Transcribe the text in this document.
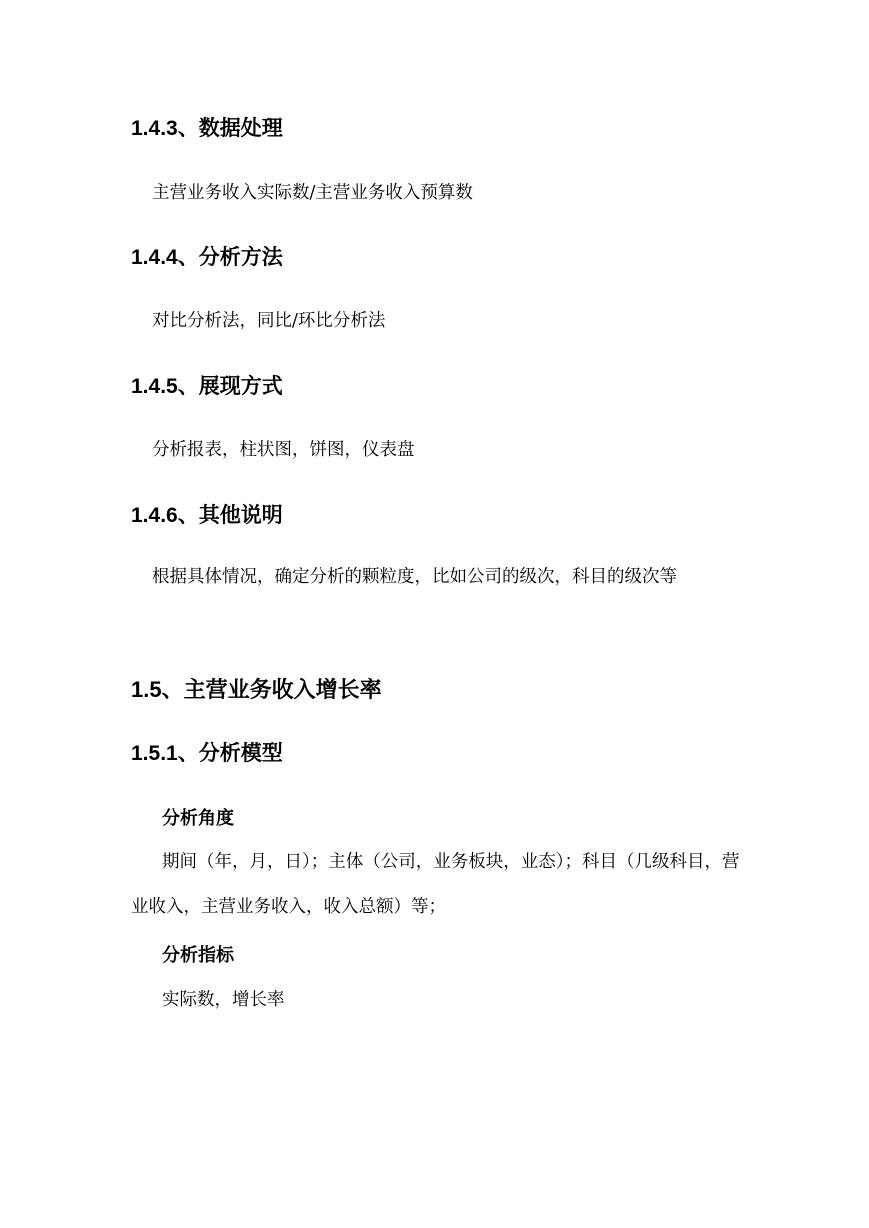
1.4.3、数据处理
主营业务收入实际数/主营业务收入预算数
1.4.4、分析方法
对比分析法，同比/环比分析法
1.4.5、展现方式
分析报表，柱状图，饼图，仪表盘
1.4.6、其他说明
根据具体情况，确定分析的颗粒度，比如公司的级次，科目的级次等
1.5、主营业务收入增长率
1.5.1、分析模型
分析角度
期间（年，月，日）；主体（公司，业务板块，业态）；科目（几级科目，营业收入，主营业务收入，收入总额）等；
分析指标
实际数，增长率
